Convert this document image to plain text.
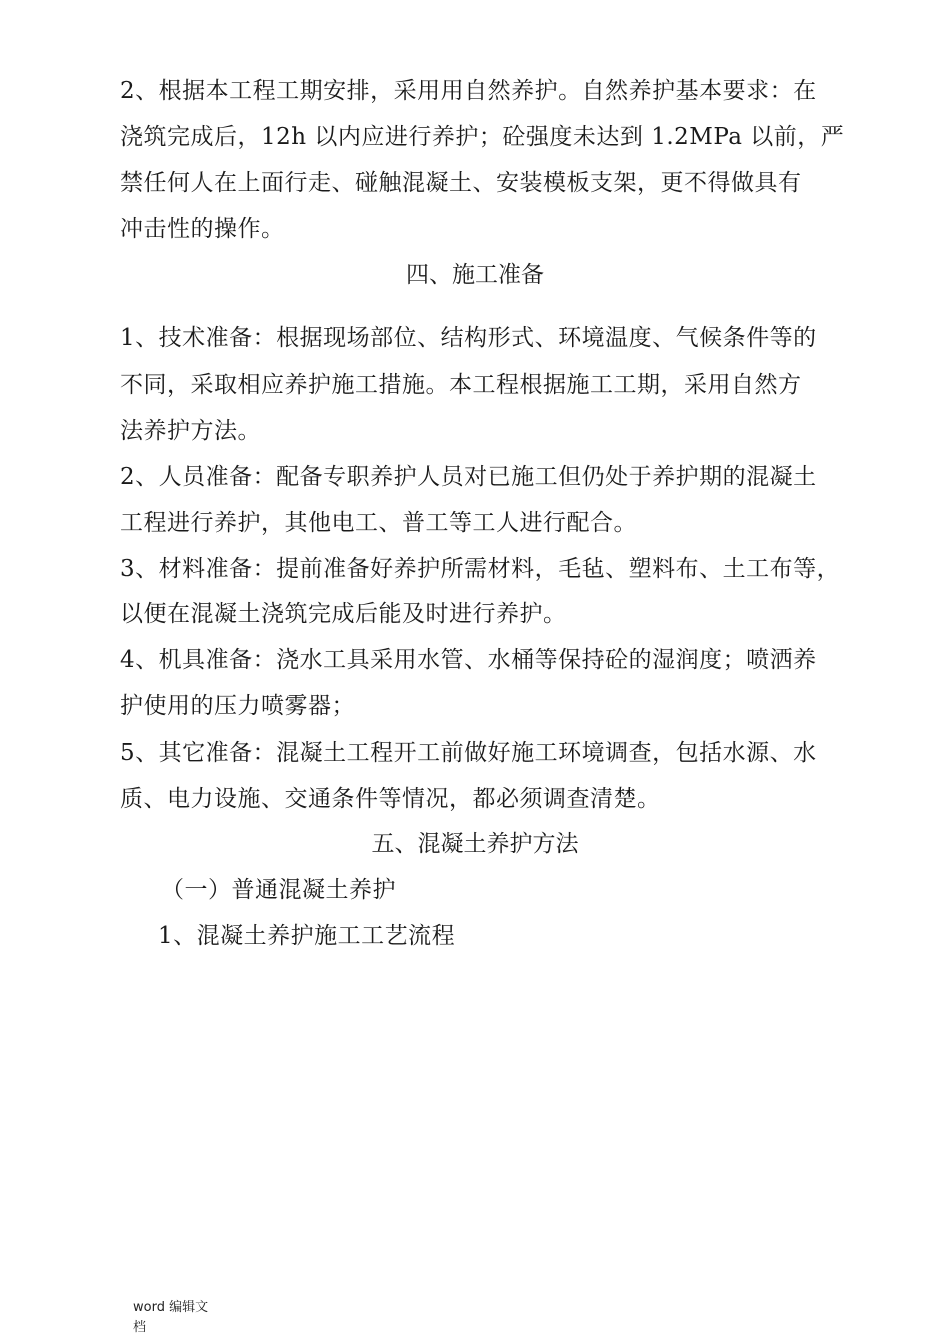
2、根据本工程工期安排，采用用自然养护。自然养护基本要求：在
浇筑完成后，12h 以内应进行养护；砼强度未达到 1.2MPa 以前，严
禁任何人在上面行走、碰触混凝土、安装模板支架，更不得做具有
冲击性的操作。
四、施工准备
1、技术准备：根据现场部位、结构形式、环境温度、气候条件等的
不同，采取相应养护施工措施。本工程根据施工工期，采用自然方
法养护方法。
2、人员准备：配备专职养护人员对已施工但仍处于养护期的混凝土
工程进行养护，其他电工、普工等工人进行配合。
3、材料准备：提前准备好养护所需材料，毛毡、塑料布、土工布等，
以便在混凝土浇筑完成后能及时进行养护。
4、机具准备：浇水工具采用水管、水桶等保持砼的湿润度；喷洒养
护使用的压力喷雾器；
5、其它准备：混凝土工程开工前做好施工环境调查，包括水源、水
质、电力设施、交通条件等情况，都必须调查清楚。
五、混凝土养护方法
（一）普通混凝土养护
1、混凝土养护施工工艺流程
word 编辑文
档
